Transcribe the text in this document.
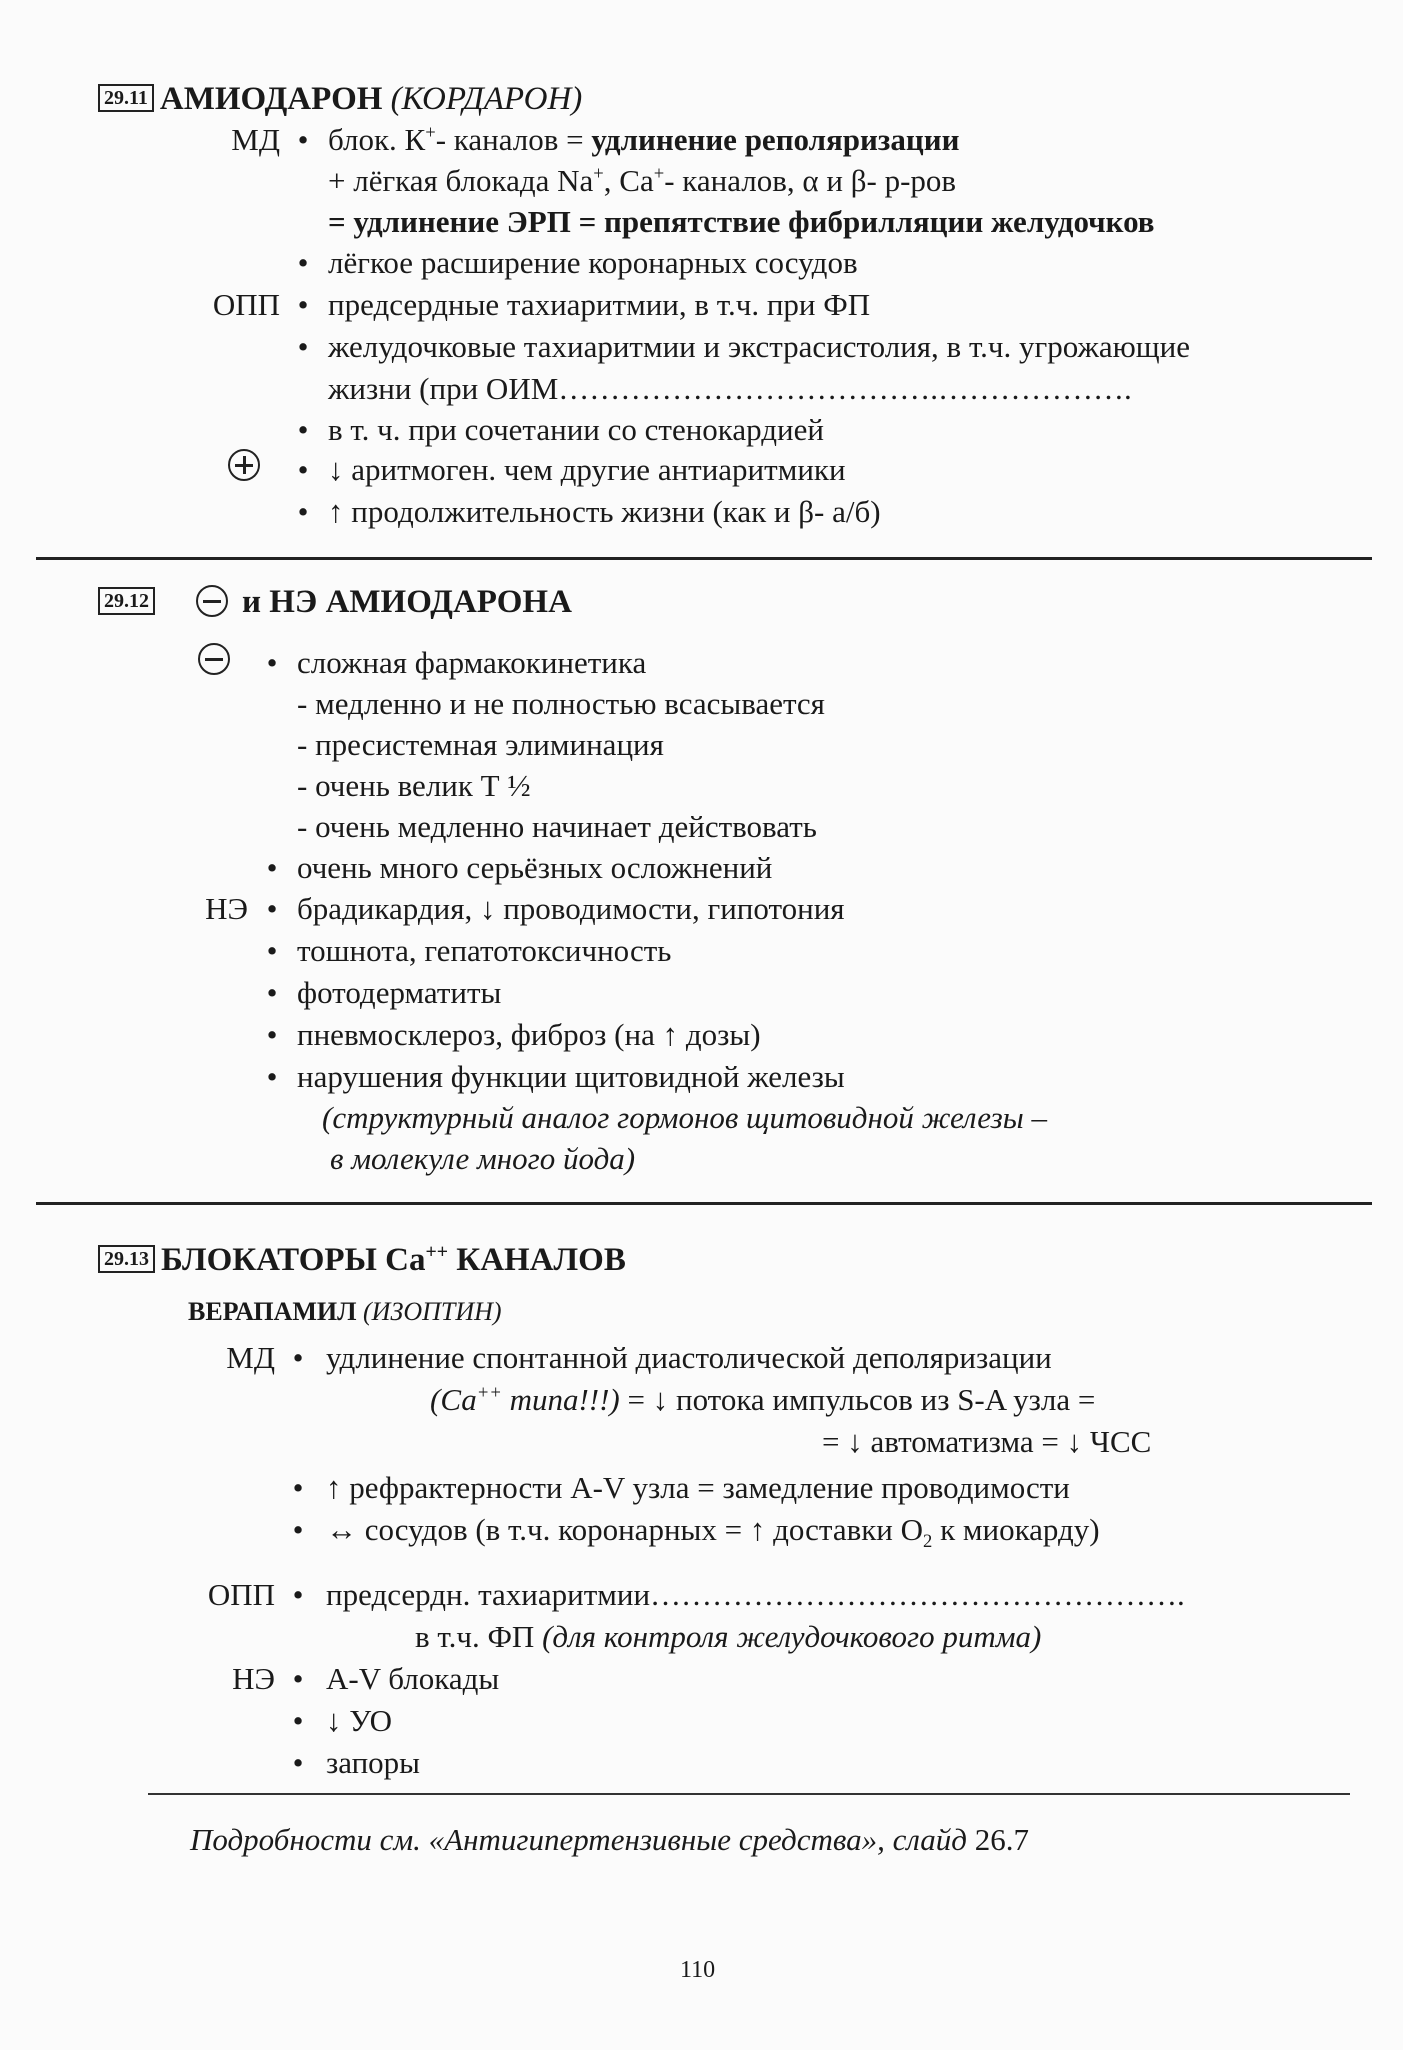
29.11 АМИОДАРОН (КОРДАРОН)
МД • блок. К+- каналов = удлинение реполяризации
+ лёгкая блокада Na+, Са+- каналов, α и β- р-ров
= удлинение ЭРП = препятствие фибрилляции желудочков
• лёгкое расширение коронарных сосудов
ОПП • предсердные тахиаритмии, в т.ч. при ФП
• желудочковые тахиаритмии и экстрасистолия, в т.ч. угрожающие
жизни (при ОИМ……………………………….……………….
• в т. ч. при сочетании со стенокардией
• ↓ аритмоген. чем другие антиаритмики
• ↑ продолжительность жизни (как и β- а/б)
29.12	и НЭ АМИОДАРОНА
• сложная фармакокинетика
- медленно и не полностью всасывается
- пресистемная элиминация
- очень велик Т ½
- очень медленно начинает действовать
• очень много серьёзных осложнений
НЭ • брадикардия, ↓ проводимости, гипотония
• тошнота, гепатотоксичность
• фотодерматиты
• пневмосклероз, фиброз (на ↑ дозы)
• нарушения функции щитовидной железы
(структурный аналог гормонов щитовидной железы –
в молекуле много йода)
29.13 БЛОКАТОРЫ Са++ КАНАЛОВ
ВЕРАПАМИЛ (ИЗОПТИН)
МД • удлинение спонтанной диастолической деполяризации
(Са++ типа!!!) = ↓ потока импульсов из S-A узла =
= ↓ автоматизма = ↓ ЧСС
• ↑ рефрактерности A-V узла = замедление проводимости
• ↔ сосудов (в т.ч. коронарных = ↑ доставки $О_2$ к миокарду)
ОПП • предсердн. тахиаритмии…………………………………………….
в т.ч. ФП (для контроля желудочкового ритма)
НЭ • A-V блокады
• ↓ УО
• запоры
Подробности см. «Антигипертензивные средства», слайд 26.7
110
